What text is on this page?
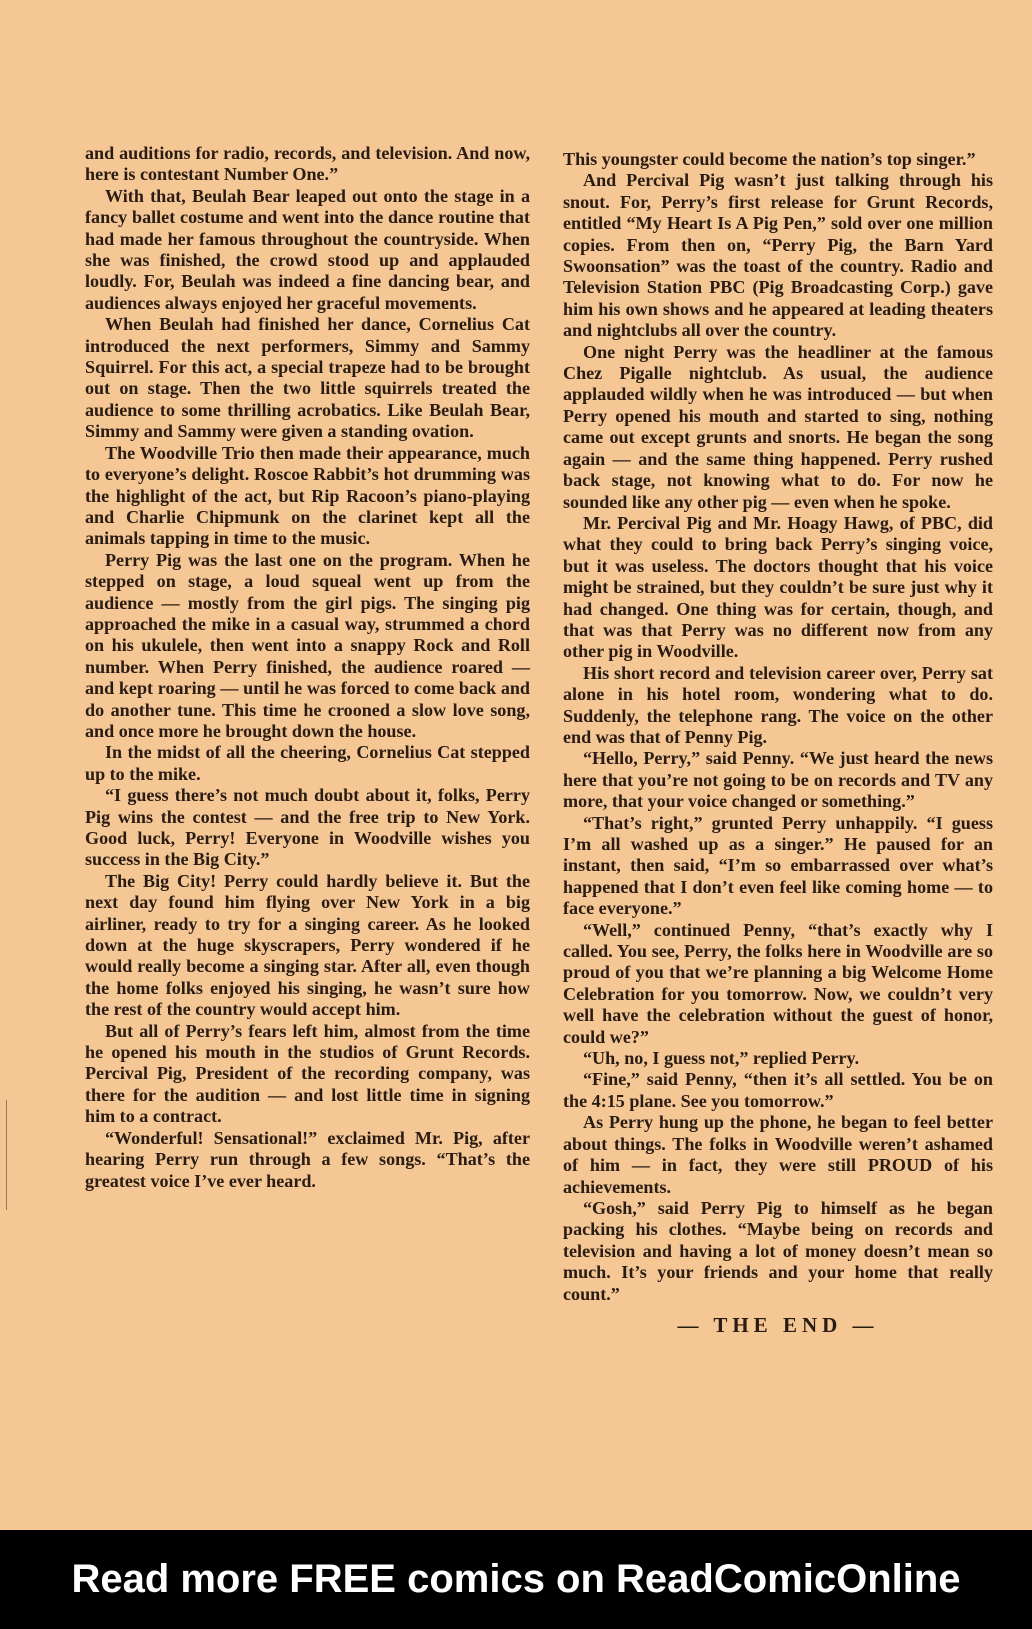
and auditions for radio, records, and television. And now, here is contestant Number One.”

With that, Beulah Bear leaped out onto the stage in a fancy ballet costume and went into the dance routine that had made her famous throughout the countryside. When she was finished, the crowd stood up and applauded loudly. For, Beulah was indeed a fine dancing bear, and audiences always enjoyed her graceful movements.

When Beulah had finished her dance, Cornelius Cat introduced the next performers, Simmy and Sammy Squirrel. For this act, a special trapeze had to be brought out on stage. Then the two little squirrels treated the audience to some thrilling acrobatics. Like Beulah Bear, Simmy and Sammy were given a standing ovation.

The Woodville Trio then made their appearance, much to everyone’s delight. Roscoe Rabbit’s hot drumming was the highlight of the act, but Rip Racoon’s piano-playing and Charlie Chipmunk on the clarinet kept all the animals tapping in time to the music.

Perry Pig was the last one on the program. When he stepped on stage, a loud squeal went up from the audience — mostly from the girl pigs. The singing pig approached the mike in a casual way, strummed a chord on his ukulele, then went into a snappy Rock and Roll number. When Perry finished, the audience roared — and kept roaring — until he was forced to come back and do another tune. This time he crooned a slow love song, and once more he brought down the house.

In the midst of all the cheering, Cornelius Cat stepped up to the mike.

“I guess there’s not much doubt about it, folks, Perry Pig wins the contest — and the free trip to New York. Good luck, Perry! Everyone in Woodville wishes you success in the Big City.”

The Big City! Perry could hardly believe it. But the next day found him flying over New York in a big airliner, ready to try for a singing career. As he looked down at the huge skyscrapers, Perry wondered if he would really become a singing star. After all, even though the home folks enjoyed his singing, he wasn’t sure how the rest of the country would accept him.

But all of Perry’s fears left him, almost from the time he opened his mouth in the studios of Grunt Records. Percival Pig, President of the recording company, was there for the audition — and lost little time in signing him to a contract.

“Wonderful! Sensational!” exclaimed Mr. Pig, after hearing Perry run through a few songs. “That’s the greatest voice I’ve ever heard.

This youngster could become the nation’s top singer.”

And Percival Pig wasn’t just talking through his snout. For, Perry’s first release for Grunt Records, entitled “My Heart Is A Pig Pen,” sold over one million copies. From then on, “Perry Pig, the Barn Yard Swoonsation” was the toast of the country. Radio and Television Station PBC (Pig Broadcasting Corp.) gave him his own shows and he appeared at leading theaters and nightclubs all over the country.

One night Perry was the headliner at the famous Chez Pigalle nightclub. As usual, the audience applauded wildly when he was introduced — but when Perry opened his mouth and started to sing, nothing came out except grunts and snorts. He began the song again — and the same thing happened. Perry rushed back stage, not knowing what to do. For now he sounded like any other pig — even when he spoke.

Mr. Percival Pig and Mr. Hoagy Hawg, of PBC, did what they could to bring back Perry’s singing voice, but it was useless. The doctors thought that his voice might be strained, but they couldn’t be sure just why it had changed. One thing was for certain, though, and that was that Perry was no different now from any other pig in Woodville.

His short record and television career over, Perry sat alone in his hotel room, wondering what to do. Suddenly, the telephone rang. The voice on the other end was that of Penny Pig.

“Hello, Perry,” said Penny. “We just heard the news here that you’re not going to be on records and TV any more, that your voice changed or something.”

“That’s right,” grunted Perry unhappily. “I guess I’m all washed up as a singer.” He paused for an instant, then said, “I’m so embarrassed over what’s happened that I don’t even feel like coming home — to face everyone.”

“Well,” continued Penny, “that’s exactly why I called. You see, Perry, the folks here in Woodville are so proud of you that we’re planning a big Welcome Home Celebration for you tomorrow. Now, we couldn’t very well have the celebration without the guest of honor, could we?”

“Uh, no, I guess not,” replied Perry.

“Fine,” said Penny, “then it’s all settled. You be on the 4:15 plane. See you tomorrow.”

As Perry hung up the phone, he began to feel better about things. The folks in Woodville weren’t ashamed of him — in fact, they were still PROUD of his achievements.

“Gosh,” said Perry Pig to himself as he began packing his clothes. “Maybe being on records and television and having a lot of money doesn’t mean so much. It’s your friends and your home that really count.”

— THE END —
Read more FREE comics on ReadComicOnline
